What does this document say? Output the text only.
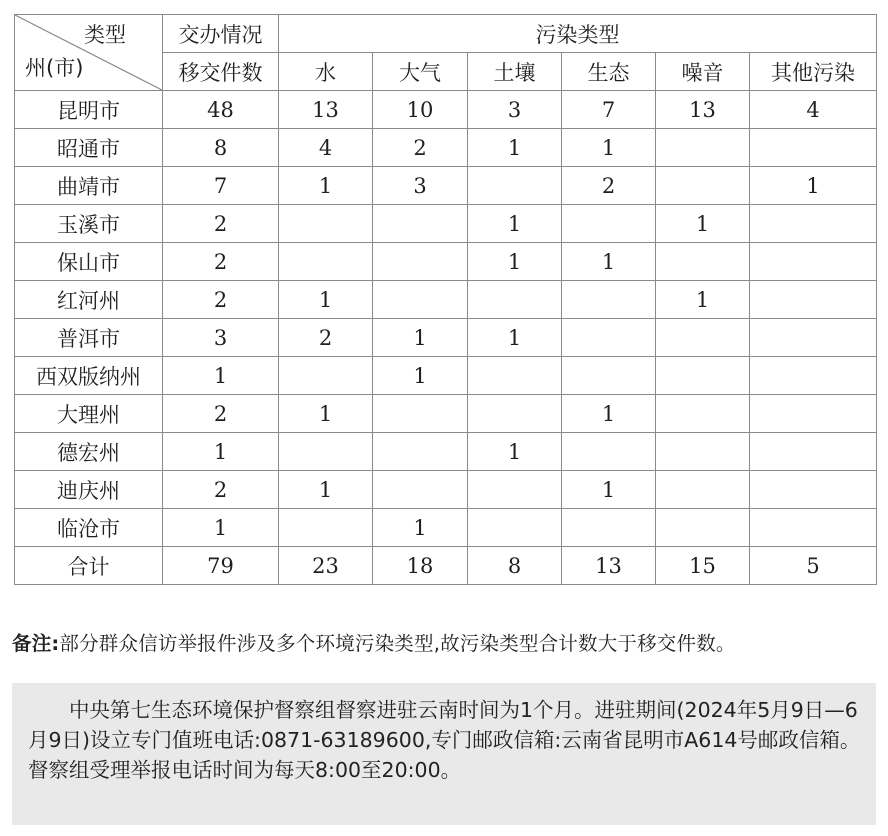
类型
州(市)	交办情况	污染类型					
	移交件数	水	大气	土壤	生态	噪音	其他污染
昆明市	48	13	10	3	7	13	4
昭通市	8	4	2	1	1		
曲靖市	7	1	3		2		1
玉溪市	2			1		1	
保山市	2			1	1		
红河州	2	1				1	
普洱市	3	2	1	1			
西双版纳州	1		1				
大理州	2	1			1		
德宏州	1			1			
迪庆州	2	1			1		
临沧市	1		1				
合计	79	23	18	8	13	15	5
备注:部分群众信访举报件涉及多个环境污染类型,故污染类型合计数大于移交件数。

中央第七生态环境保护督察组督察进驻云南时间为1个月。进驻期间(2024年5月9日—6月9日)设立专门值班电话:0871-63189600,专门邮政信箱:云南省昆明市A614号邮政信箱。督察组受理举报电话时间为每天8:00至20:00。
